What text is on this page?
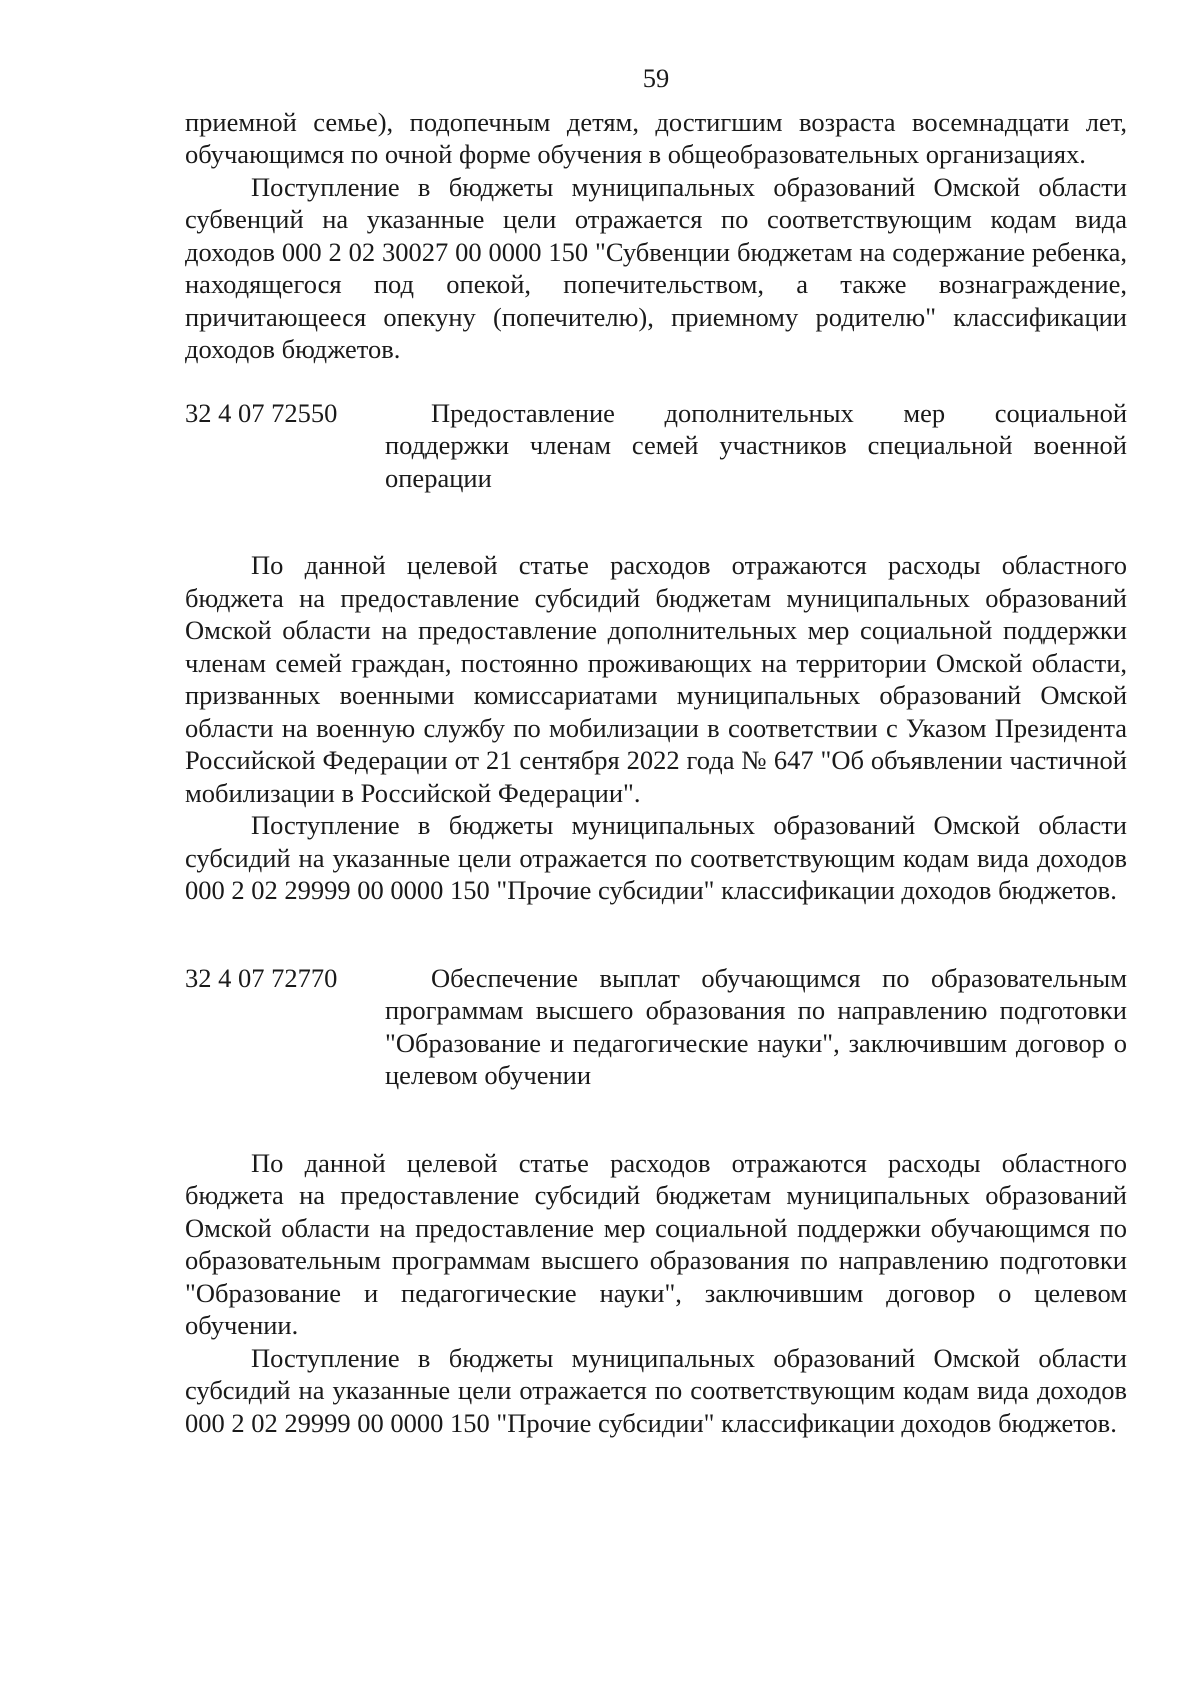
59

приемной семье), подопечным детям, достигшим возраста восемнадцати лет, обучающимся по очной форме обучения в общеобразовательных организациях.

Поступление в бюджеты муниципальных образований Омской области субвенций на указанные цели отражается по соответствующим кодам вида доходов 000 2 02 30027 00 0000 150 "Субвенции бюджетам на содержание ребенка, находящегося под опекой, попечительством, а также вознаграждение, причитающееся опекуну (попечителю), приемному родителю" классификации доходов бюджетов.

32 4 07 72550	Предоставление дополнительных мер социальной поддержки членам семей участников специальной военной операции

По данной целевой статье расходов отражаются расходы областного бюджета на предоставление субсидий бюджетам муниципальных образований Омской области на предоставление дополнительных мер социальной поддержки членам семей граждан, постоянно проживающих на территории Омской области, призванных военными комиссариатами муниципальных образований Омской области на военную службу по мобилизации в соответствии с Указом Президента Российской Федерации от 21 сентября 2022 года № 647 "Об объявлении частичной мобилизации в Российской Федерации".

Поступление в бюджеты муниципальных образований Омской области субсидий на указанные цели отражается по соответствующим кодам вида доходов 000 2 02 29999 00 0000 150 "Прочие субсидии" классификации доходов бюджетов.

32 4 07 72770	Обеспечение выплат обучающимся по образовательным программам высшего образования по направлению подготовки "Образование и педагогические науки", заключившим договор о целевом обучении

По данной целевой статье расходов отражаются расходы областного бюджета на предоставление субсидий бюджетам муниципальных образований Омской области на предоставление мер социальной поддержки обучающимся по образовательным программам высшего образования по направлению подготовки "Образование и педагогические науки", заключившим договор о целевом обучении.

Поступление в бюджеты муниципальных образований Омской области субсидий на указанные цели отражается по соответствующим кодам вида доходов 000 2 02 29999 00 0000 150 "Прочие субсидии" классификации доходов бюджетов.
